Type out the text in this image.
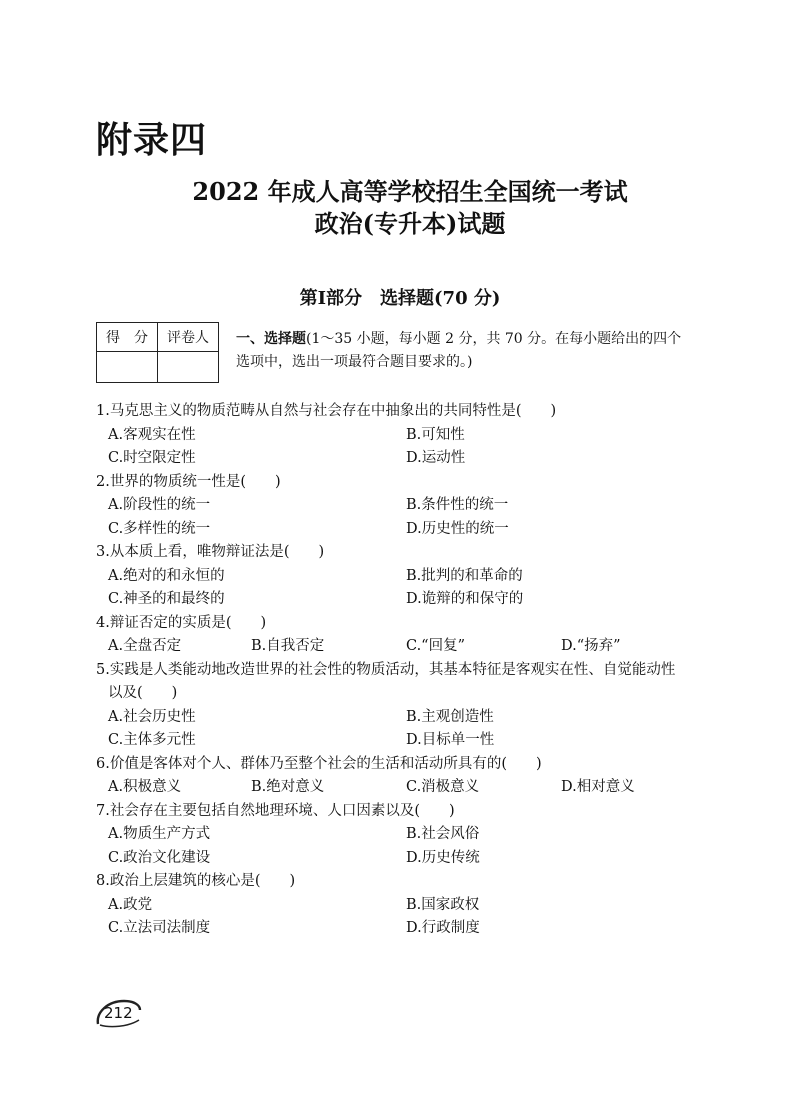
附录四
2022 年成人高等学校招生全国统一考试
政治(专升本)试题
第Ⅰ部分　选择题(70 分)
得　分	评卷人
	一、选择题(1～35 小题，每小题 2 分，共 70 分。在每小题给出的四个
选项中，选出一项最符合题目要求的。)
1.马克思主义的物质范畴从自然与社会存在中抽象出的共同特性是(　　)
A.客观实在性	B.可知性
C.时空限定性	D.运动性
2.世界的物质统一性是(　　)
A.阶段性的统一	B.条件性的统一
C.多样性的统一	D.历史性的统一
3.从本质上看，唯物辩证法是(　　)
A.绝对的和永恒的	B.批判的和革命的
C.神圣的和最终的	D.诡辩的和保守的
4.辩证否定的实质是(　　)
A.全盘否定	B.自我否定	C.“回复”	D.“扬弃”
5.实践是人类能动地改造世界的社会性的物质活动，其基本特征是客观实在性、自觉能动性
以及(　　)
A.社会历史性	B.主观创造性
C.主体多元性	D.目标单一性
6.价值是客体对个人、群体乃至整个社会的生活和活动所具有的(　　)
A.积极意义	B.绝对意义	C.消极意义	D.相对意义
7.社会存在主要包括自然地理环境、人口因素以及(　　)
A.物质生产方式	B.社会风俗
C.政治文化建设	D.历史传统
8.政治上层建筑的核心是(　　)
A.政党	B.国家政权
C.立法司法制度	D.行政制度
212
